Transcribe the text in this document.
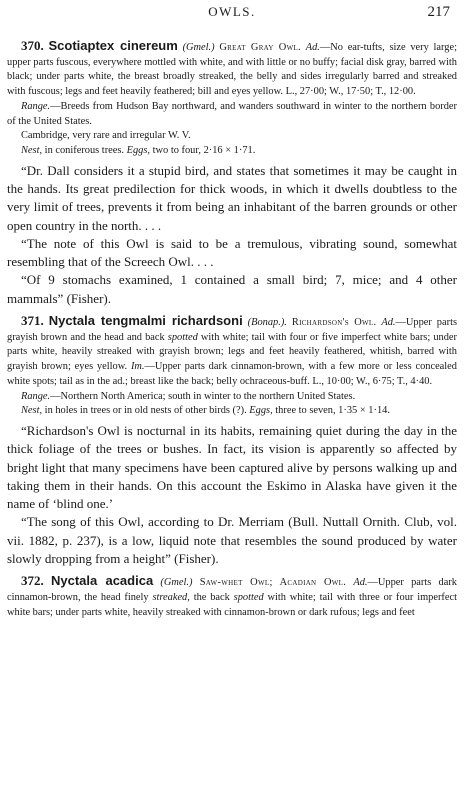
OWLS.	217

370. Scotiaptex cinereum (Gmel.) Great Gray Owl. Ad.—No ear-tufts, size very large; upper parts fuscous, everywhere mottled with white, and with little or no buffy; facial disk gray, barred with black; under parts white, the breast broadly streaked, the belly and sides irregularly barred and streaked with fuscous; legs and feet heavily feathered; bill and eyes yellow. L., 27·00; W., 17·50; T., 12·00.

Range.—Breeds from Hudson Bay northward, and wanders southward in winter to the northern border of the United States.

Cambridge, very rare and irregular W. V.

Nest, in coniferous trees. Eggs, two to four, 2·16 × 1·71.

“Dr. Dall considers it a stupid bird, and states that sometimes it may be caught in the hands. Its great predilection for thick woods, in which it dwells doubtless to the very limit of trees, prevents it from being an inhabitant of the barren grounds or other open country in the north. . . .

“The note of this Owl is said to be a tremulous, vibrating sound, somewhat resembling that of the Screech Owl. . . .

“Of 9 stomachs examined, 1 contained a small bird; 7, mice; and 4 other mammals” (Fisher).

371. Nyctala tengmalmi richardsoni (Bonap.). Richardson's Owl. Ad.—Upper parts grayish brown and the head and back spotted with white; tail with four or five imperfect white bars; under parts white, heavily streaked with grayish brown; legs and feet heavily feathered, whitish, barred with grayish brown; eyes yellow. Im.—Upper parts dark cinnamon-brown, with a few more or less concealed white spots; tail as in the ad.; breast like the back; belly ochraceous-buff. L., 10·00; W., 6·75; T., 4·40.

Range.—Northern North America; south in winter to the northern United States.

Nest, in holes in trees or in old nests of other birds (?). Eggs, three to seven, 1·35 × 1·14.

“Richardson's Owl is nocturnal in its habits, remaining quiet during the day in the thick foliage of the trees or bushes. In fact, its vision is apparently so affected by bright light that many specimens have been captured alive by persons walking up and taking them in their hands. On this account the Eskimo in Alaska have given it the name of ‘blind one.’

“The song of this Owl, according to Dr. Merriam (Bull. Nuttall Ornith. Club, vol. vii. 1882, p. 237), is a low, liquid note that resembles the sound produced by water slowly dropping from a height” (Fisher).

372. Nyctala acadica (Gmel.) Saw-whet Owl; Acadian Owl. Ad.—Upper parts dark cinnamon-brown, the head finely streaked, the back spotted with white; tail with three or four imperfect white bars; under parts white, heavily streaked with cinnamon-brown or dark rufous; legs and feet
